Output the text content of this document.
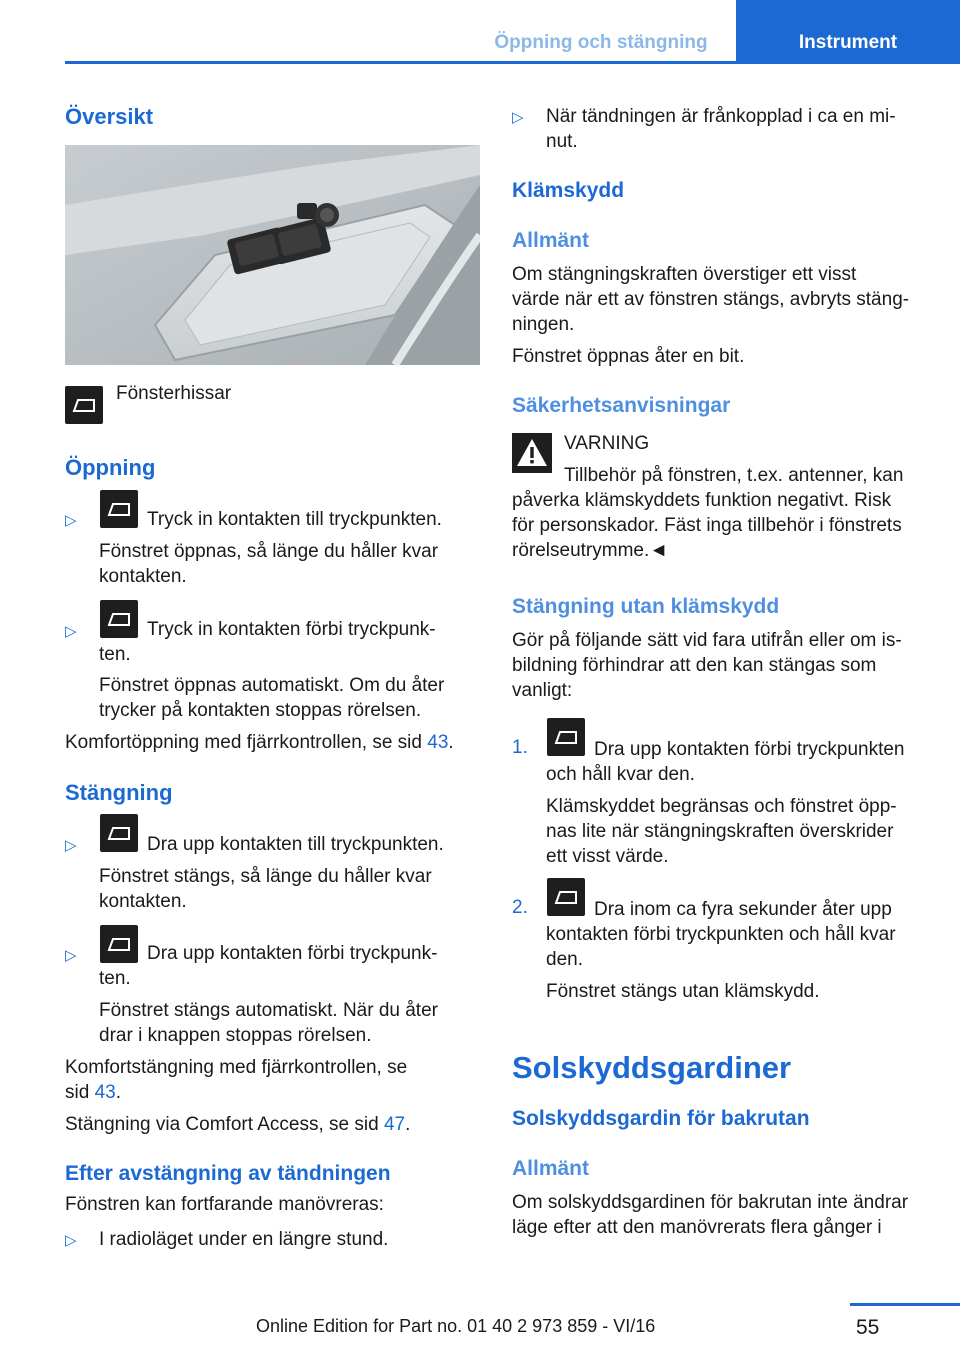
Öppning och stängning	Instrument
Översikt
Fönsterhissar
Öppning
▷	Tryck in kontakten till tryckpunkten.
Fönstret öppnas, så länge du håller kvar
kontakten.
▷	Tryck in kontakten förbi tryckpunk-
ten.
Fönstret öppnas automatiskt. Om du åter
trycker på kontakten stoppas rörelsen.
Komfortöppning med fjärrkontrollen, se sid 43.
Stängning
▷	Dra upp kontakten till tryckpunkten.
Fönstret stängs, så länge du håller kvar
kontakten.
▷	Dra upp kontakten förbi tryckpunk-
ten.
Fönstret stängs automatiskt. När du åter
drar i knappen stoppas rörelsen.
Komfortstängning med fjärrkontrollen, se
sid 43.
Stängning via Comfort Access, se sid 47.
Efter avstängning av tändningen
Fönstren kan fortfarande manövreras:
▷ I radioläget under en längre stund.
▷ När tändningen är frånkopplad i ca en mi-
nut.
Klämskydd
Allmänt
Om stängningskraften överstiger ett visst
värde när ett av fönstren stängs, avbryts stäng-
ningen.
Fönstret öppnas åter en bit.
Säkerhetsanvisningar
VARNING
Tillbehör på fönstren, t.ex. antenner, kan
påverka klämskyddets funktion negativt. Risk
för personskador. Fäst inga tillbehör i fönstrets
rörelseutrymme.◄
Stängning utan klämskydd
Gör på följande sätt vid fara utifrån eller om is-
bildning förhindrar att den kan stängas som
vanligt:
1.	Dra upp kontakten förbi tryckpunkten
och håll kvar den.
Klämskyddet begränsas och fönstret öpp-
nas lite när stängningskraften överskrider
ett visst värde.
2.	Dra inom ca fyra sekunder åter upp
kontakten förbi tryckpunkten och håll kvar
den.
Fönstret stängs utan klämskydd.
Solskyddsgardiner
Solskyddsgardin för bakrutan
Allmänt
Om solskyddsgardinen för bakrutan inte ändrar
läge efter att den manövrerats flera gånger i
55
Online Edition for Part no. 01 40 2 973 859 - VI/16
